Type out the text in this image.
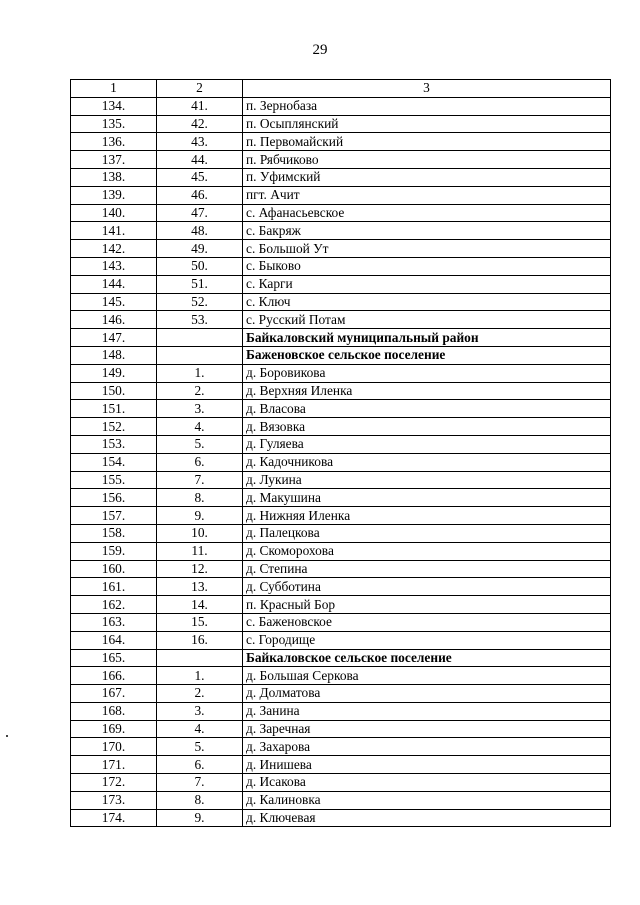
29
1	2	3
134.	41.	п. Зернобаза
135.	42.	п. Осыплянский
136.	43.	п. Первомайский
137.	44.	п. Рябчиково
138.	45.	п. Уфимский
139.	46.	пгт. Ачит
140.	47.	с. Афанасьевское
141.	48.	с. Бакряж
142.	49.	с. Большой Ут
143.	50.	с. Быково
144.	51.	с. Карги
145.	52.	с. Ключ
146.	53.	с. Русский Потам
147.		Байкаловский муниципальный район
148.		Баженовское сельское поселение
149.	1.	д. Боровикова
150.	2.	д. Верхняя Иленка
151.	3.	д. Власова
152.	4.	д. Вязовка
153.	5.	д. Гуляева
154.	6.	д. Кадочникова
155.	7.	д. Лукина
156.	8.	д. Макушина
157.	9.	д. Нижняя Иленка
158.	10.	д. Палецкова
159.	11.	д. Скоморохова
160.	12.	д. Степина
161.	13.	д. Субботина
162.	14.	п. Красный Бор
163.	15.	с. Баженовское
164.	16.	с. Городище
165.		Байкаловское сельское поселение
166.	1.	д. Большая Серкова
167.	2.	д. Долматова
168.	3.	д. Занина
169.	4.	д. Заречная
170.	5.	д. Захарова
171.	6.	д. Инишева
172.	7.	д. Исакова
173.	8.	д. Калиновка
174.	9.	д. Ключевая
